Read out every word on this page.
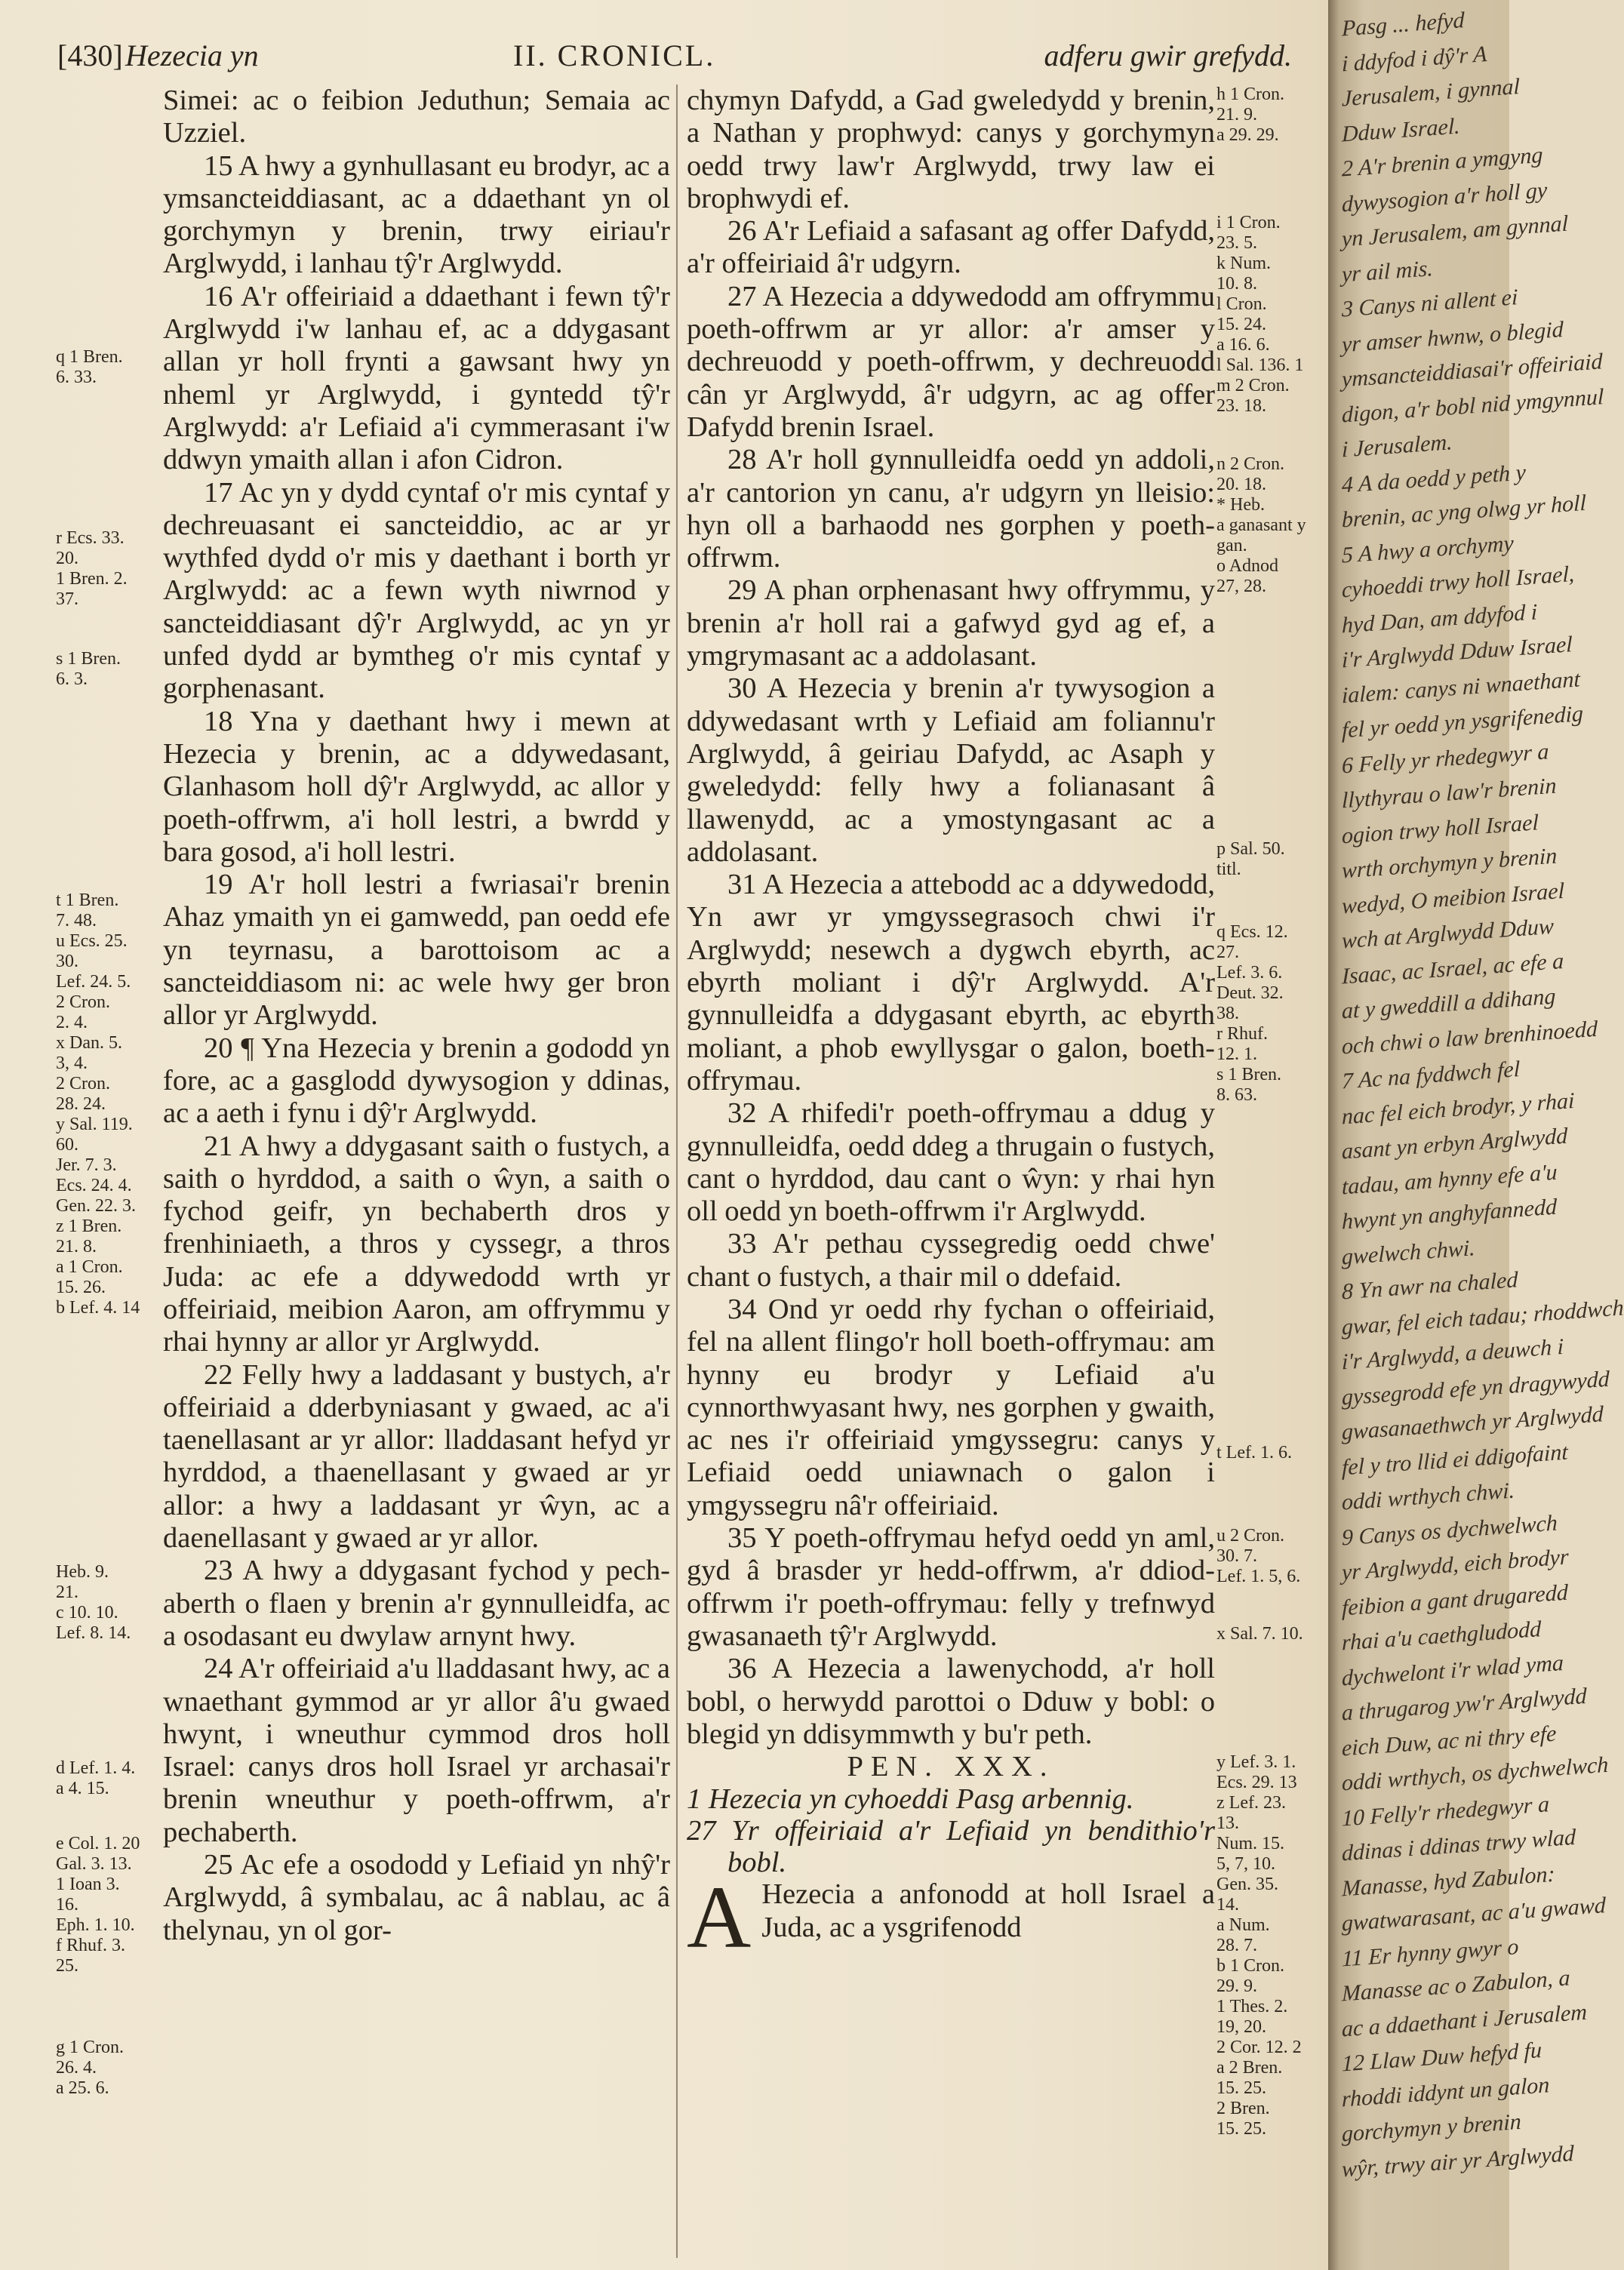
[430] Hezecia yn	II. CRONICL.	adferu gwir grefydd.
q 1 Bren.
6. 33.
r Ecs. 33.
20.
1 Bren. 2.
37.
s 1 Bren.
6. 3.
t 1 Bren.
7. 48.
u Ecs. 25.
30.
Lef. 24. 5.
2 Cron.
2. 4.
x Dan. 5.
3, 4.
2 Cron.
28. 24.
y Sal. 119.
60.
Jer. 7. 3.
Ecs. 24. 4.
Gen. 22. 3.
z 1 Bren.
21. 8.
a 1 Cron.
15. 26.
b Lef. 4. 14
Heb. 9.
21.
c 10. 10.
Lef. 8. 14.
d Lef. 1. 4.
a 4. 15.
e Col. 1. 20
Gal. 3. 13.
1 Ioan 3.
16.
Eph. 1. 10.
f Rhuf. 3.
25.
g 1 Cron.
26. 4.
a 25. 6.

Simei: ac o feibion Jeduthun; Semaia ac Uzziel.

15 A hwy a gynhullasant eu brodyr, ac a ymsancteiddiasant, ac a ddaethant yn ol gorchymyn y brenin, trwy eiriau'r Arglwydd, i lanhau tŷ'r Arglwydd.

16 A'r offeiriaid a ddaethant i fewn tŷ'r Arglwydd i'w lanhau ef, ac a ddygasant allan yr holl frynti a gawsant hwy yn nheml yr Arglwydd, i gyntedd tŷ'r Arglwydd: a'r Lefiaid a'i cymmerasant i'w ddwyn ymaith allan i afon Cidron.

17 Ac yn y dydd cyntaf o'r mis cyntaf y dechreuasant ei sancteiddio, ac ar yr wythfed dydd o'r mis y daethant i borth yr Arglwydd: ac a fewn wyth niwrnod y sancteiddiasant dŷ'r Arglwydd, ac yn yr unfed dydd ar bymtheg o'r mis cyntaf y gorphenasant.

18 Yna y daethant hwy i mewn at Hezecia y brenin, ac a ddywedasant, Glanhasom holl dŷ'r Arglwydd, ac allor y poeth-offrwm, a'i holl lestri, a bwrdd y bara gosod, a'i holl lestri.

19 A'r holl lestri a fwriasai'r brenin Ahaz ymaith yn ei gamwedd, pan oedd efe yn teyrnasu, a barottoisom ac a sancteiddiasom ni: ac wele hwy ger bron allor yr Arglwydd.

20 ¶ Yna Hezecia y brenin a gododd yn fore, ac a gasglodd dywysogion y ddinas, ac a aeth i fynu i dŷ'r Arglwydd.

21 A hwy a ddygasant saith o fustych, a saith o hyrddod, a saith o ŵyn, a saith o fychod geifr, yn bechaberth dros y frenhiniaeth, a thros y cyssegr, a thros Juda: ac efe a ddywedodd wrth yr offeiriaid, meibion Aaron, am offrymmu y rhai hynny ar allor yr Arglwydd.

22 Felly hwy a laddasant y bustych, a'r offeiriaid a dderbyniasant y gwaed, ac a'i taenellasant ar yr allor: lladdasant hefyd yr hyrddod, a thaenellasant y gwaed ar yr allor: a hwy a laddasant yr ŵyn, ac a daenellasant y gwaed ar yr allor.

23 A hwy a ddygasant fychod y pech-aberth o flaen y brenin a'r gynnulleidfa, ac a osodasant eu dwylaw arnynt hwy.

24 A'r offeiriaid a'u lladdasant hwy, ac a wnaethant gymmod ar yr allor â'u gwaed hwynt, i wneuthur cymmod dros holl Israel: canys dros holl Israel yr archasai'r brenin wneuthur y poeth-offrwm, a'r pechaberth.

25 Ac efe a osododd y Lefiaid yn nhŷ'r Arglwydd, â symbalau, ac â nablau, ac â thelynau, yn ol gor-

chymyn Dafydd, a Gad gweledydd y brenin, a Nathan y prophwyd: canys y gorchymyn oedd trwy law'r Arglwydd, trwy law ei brophwydi ef.

26 A'r Lefiaid a safasant ag offer Dafydd, a'r offeiriaid â'r udgyrn.

27 A Hezecia a ddywedodd am offrymmu poeth-offrwm ar yr allor: a'r amser y dechreuodd y poeth-offrwm, y dechreuodd cân yr Arglwydd, â'r udgyrn, ac ag offer Dafydd brenin Israel.

28 A'r holl gynnulleidfa oedd yn addoli, a'r cantorion yn canu, a'r udgyrn yn lleisio: hyn oll a barhaodd nes gorphen y poeth-offrwm.

29 A phan orphenasant hwy offrymmu, y brenin a'r holl rai a gafwyd gyd ag ef, a ymgrymasant ac a addolasant.

30 A Hezecia y brenin a'r tywysogion a ddywedasant wrth y Lefiaid am foliannu'r Arglwydd, â geiriau Dafydd, ac Asaph y gweledydd: felly hwy a folianasant â llawenydd, ac a ymostyngasant ac a addolasant.

31 A Hezecia a attebodd ac a ddywedodd, Yn awr yr ymgyssegrasoch chwi i'r Arglwydd; nesewch a dygwch ebyrth, ac ebyrth moliant i dŷ'r Arglwydd. A'r gynnulleidfa a ddygasant ebyrth, ac ebyrth moliant, a phob ewyllysgar o galon, boeth-offrymau.

32 A rhifedi'r poeth-offrymau a ddug y gynnulleidfa, oedd ddeg a thrugain o fustych, cant o hyrddod, dau cant o ŵyn: y rhai hyn oll oedd yn boeth-offrwm i'r Arglwydd.

33 A'r pethau cyssegredig oedd chwe' chant o fustych, a thair mil o ddefaid.

34 Ond yr oedd rhy fychan o offeiriaid, fel na allent flingo'r holl boeth-offrymau: am hynny eu brodyr y Lefiaid a'u cynnorthwyasant hwy, nes gorphen y gwaith, ac nes i'r offeiriaid ymgyssegru: canys y Lefiaid oedd uniawnach o galon i ymgyssegru nâ'r offeiriaid.

35 Y poeth-offrymau hefyd oedd yn aml, gyd â brasder yr hedd-offrwm, a'r ddiod-offrwm i'r poeth-offrymau: felly y trefnwyd gwasanaeth tŷ'r Arglwydd.

36 A Hezecia a lawenychodd, a'r holl bobl, o herwydd parottoi o Dduw y bobl: o blegid yn ddisymmwth y bu'r peth.

PEN. XXX.

1 Hezecia yn cyhoeddi Pasg arbennig.

27 Yr offeiriaid a'r Lefiaid yn bendithio'r bobl.

A Hezecia a anfonodd at holl Israel a Juda, ac a ysgrifenodd

h 1 Cron.
21. 9.
a 29. 29.
i 1 Cron.
23. 5.
k Num.
10. 8.
l Cron.
15. 24.
a 16. 6.
l Sal. 136. 1
m 2 Cron.
23. 18.
n 2 Cron.
20. 18.
* Heb.
a ganasant y
gan.
o Adnod
27, 28.
p Sal. 50.
titl.
q Ecs. 12.
27.
Lef. 3. 6.
Deut. 32.
38.
r Rhuf.
12. 1.
s 1 Bren.
8. 63.
t Lef. 1. 6.
u 2 Cron.
30. 7.
Lef. 1. 5, 6.
x Sal. 7. 10.
y Lef. 3. 1.
Ecs. 29. 13
z Lef. 23.
13.
Num. 15.
5, 7, 10.
Gen. 35.
14.
a Num.
28. 7.
b 1 Cron.
29. 9.
1 Thes. 2.
19, 20.
2 Cor. 12. 2
a 2 Bren.
15. 25.
2 Bren.
15. 25.
Pasg ... hefyd
i ddyfod i dŷ'r A
Jerusalem, i gynnal
Dduw Israel.
2 A'r brenin a ymgyng
dywysogion a'r holl gy
yn Jerusalem, am gynnal
yr ail mis.
3 Canys ni allent ei
yr amser hwnw, o blegid
ymsancteiddiasai'r offeiriaid
digon, a'r bobl nid ymgynnul
i Jerusalem.
4 A da oedd y peth y
brenin, ac yng olwg yr holl
5 A hwy a orchymy
cyhoeddi trwy holl Israel,
hyd Dan, am ddyfod i
i'r Arglwydd Dduw Israel
ialem: canys ni wnaethant
fel yr oedd yn ysgrifenedig
6 Felly yr rhedegwyr a
llythyrau o law'r brenin
ogion trwy holl Israel
wrth orchymyn y brenin
wedyd, O meibion Israel
wch at Arglwydd Dduw
Isaac, ac Israel, ac efe a
at y gweddill a ddihang
och chwi o law brenhinoedd
7 Ac na fyddwch fel
nac fel eich brodyr, y rhai
asant yn erbyn Arglwydd
tadau, am hynny efe a'u
hwynt yn anghyfannedd
gwelwch chwi.
8 Yn awr na chaled
gwar, fel eich tadau; rhoddwch
i'r Arglwydd, a deuwch i
gyssegrodd efe yn dragywydd
gwasanaethwch yr Arglwydd
fel y tro llid ei ddigofaint
oddi wrthych chwi.
9 Canys os dychwelwch
yr Arglwydd, eich brodyr
feibion a gant drugaredd
rhai a'u caethgludodd
dychwelont i'r wlad yma
a thrugarog yw'r Arglwydd
eich Duw, ac ni thry efe
oddi wrthych, os dychwelwch
10 Felly'r rhedegwyr a
ddinas i ddinas trwy wlad
Manasse, hyd Zabulon:
gwatwarasant, ac a'u gwawd
11 Er hynny gwyr o
Manasse ac o Zabulon, a
ac a ddaethant i Jerusalem
12 Llaw Duw hefyd fu
rhoddi iddynt un galon
gorchymyn y brenin
wŷr, trwy air yr Arglwydd
